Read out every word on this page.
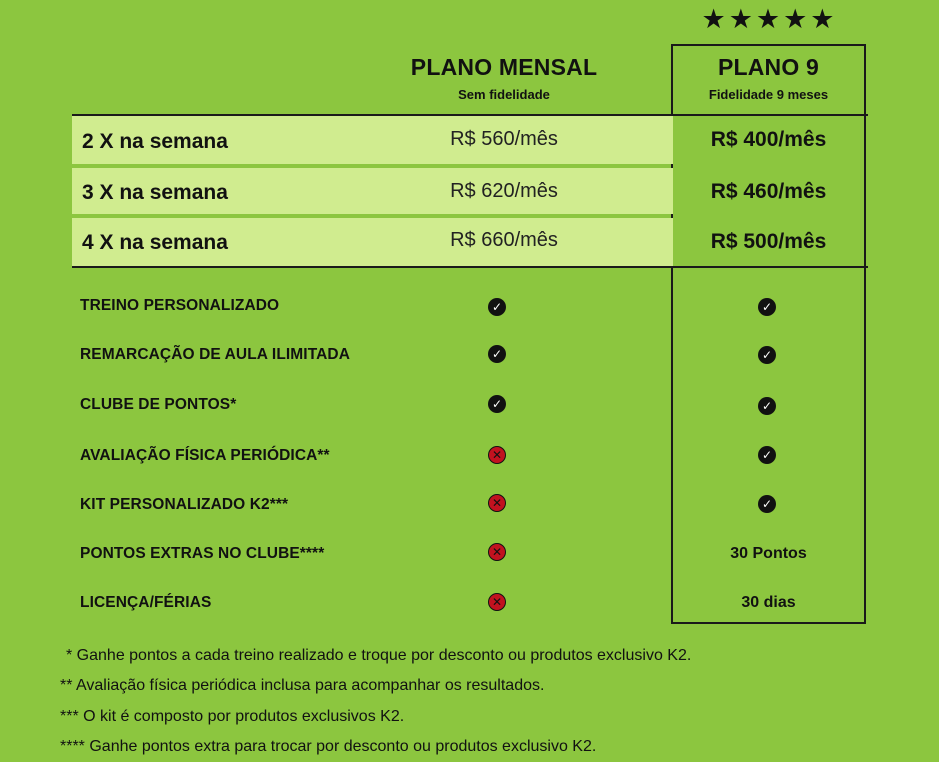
★★★★★
PLANO MENSAL
Sem fidelidade
PLANO 9
Fidelidade 9 meses
2 X na semana	R$ 560/mês	R$ 400/mês
3 X na semana	R$ 620/mês	R$ 460/mês
4 X na semana	R$ 660/mês	R$ 500/mês
TREINO PERSONALIZADO	✓	✓
REMARCAÇÃO DE AULA ILIMITADA	✓	✓
CLUBE DE PONTOS*	✓	✓
AVALIAÇÃO FÍSICA PERIÓDICA**	✕	✓
KIT PERSONALIZADO K2***	✕	✓
PONTOS EXTRAS NO CLUBE****	✕	30 Pontos
LICENÇA/FÉRIAS	✕	30 dias
* Ganhe pontos a cada treino realizado e troque por desconto ou produtos exclusivo K2.
** Avaliação física periódica inclusa para acompanhar os resultados.
*** O kit é composto por produtos exclusivos K2.
**** Ganhe pontos extra para trocar por desconto ou produtos exclusivo K2.
